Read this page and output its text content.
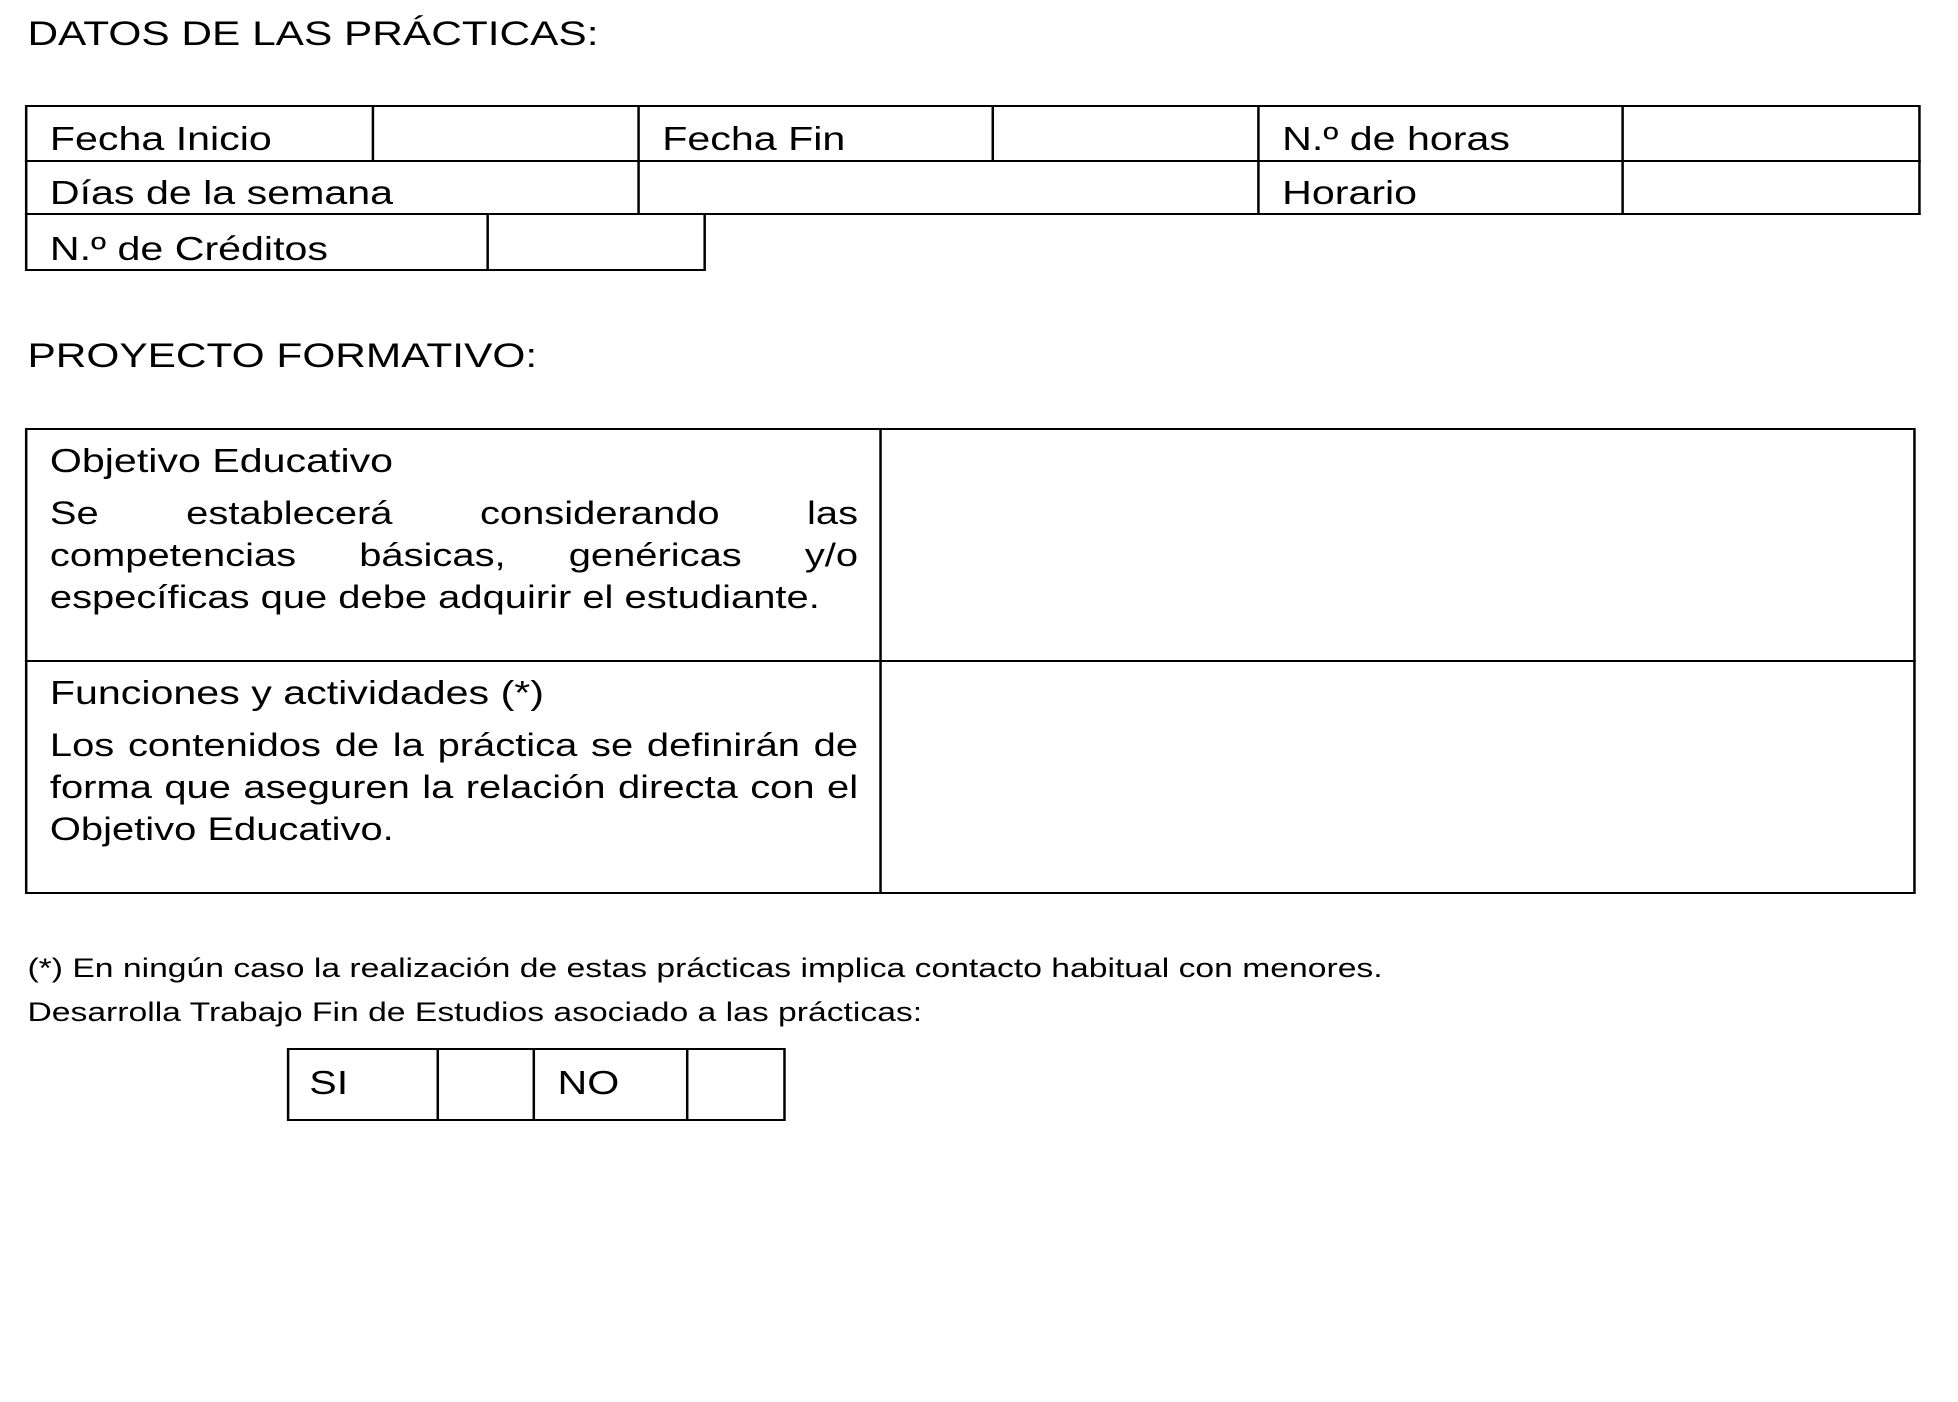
DATOS DE LAS PRÁCTICAS:
Fecha Inicio	Fecha Fin	N.º de horas
Días de la semana	Horario
N.º de Créditos
PROYECTO FORMATIVO:
Objetivo Educativo
Se establecerá considerando las competencias básicas, genéricas y/o específicas que debe adquirir el estudiante.
Funciones y actividades (*)
Los contenidos de la práctica se definirán de forma que aseguren la relación directa con el Objetivo Educativo.
(*) En ningún caso la realización de estas prácticas implica contacto habitual con menores.
Desarrolla Trabajo Fin de Estudios asociado a las prácticas:
SI	NO
